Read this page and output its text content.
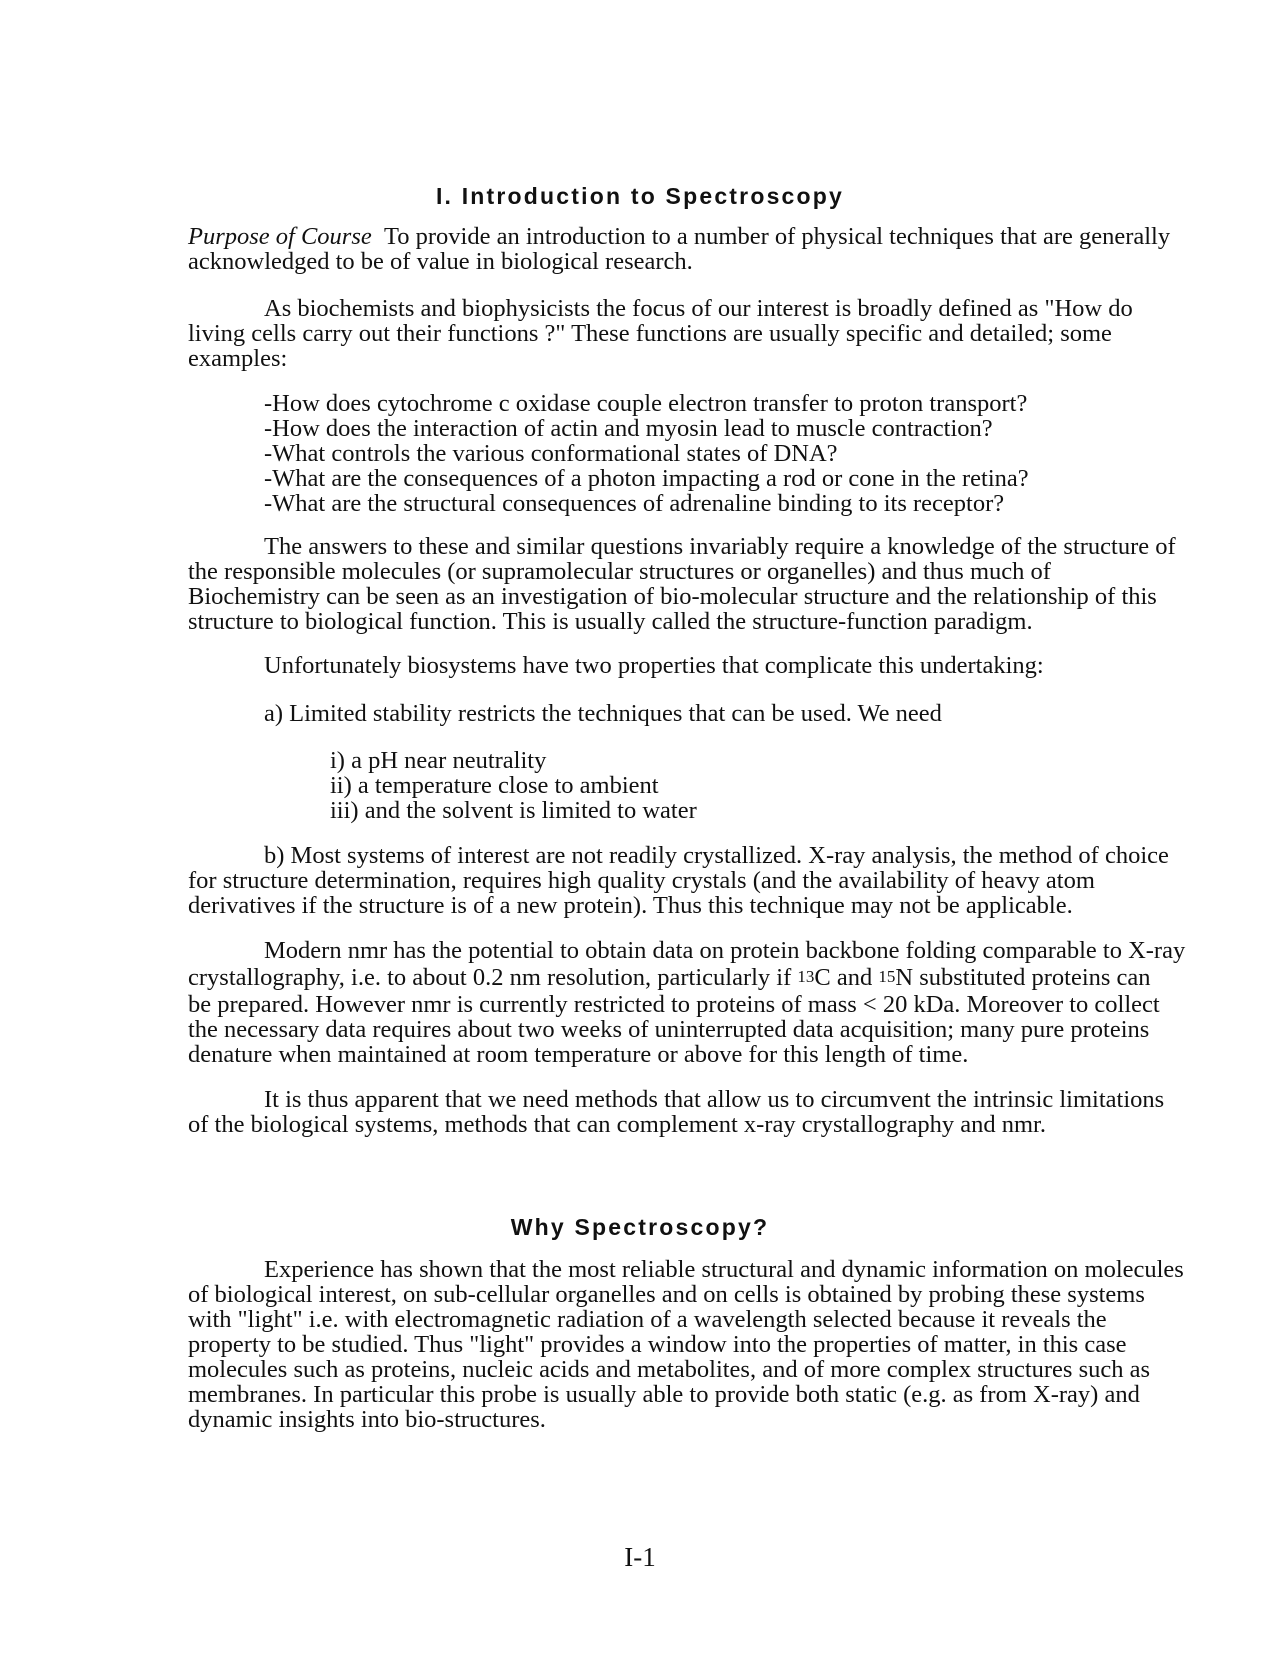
I. Introduction to Spectroscopy
Purpose of Course To provide an introduction to a number of physical techniques that are generally
acknowledged to be of value in biological research.
As biochemists and biophysicists the focus of our interest is broadly defined as "How do
living cells carry out their functions ?" These functions are usually specific and detailed; some
examples:
-How does cytochrome c oxidase couple electron transfer to proton transport?
-How does the interaction of actin and myosin lead to muscle contraction?
-What controls the various conformational states of DNA?
-What are the consequences of a photon impacting a rod or cone in the retina?
-What are the structural consequences of adrenaline binding to its receptor?
The answers to these and similar questions invariably require a knowledge of the structure of
the responsible molecules (or supramolecular structures or organelles) and thus much of
Biochemistry can be seen as an investigation of bio-molecular structure and the relationship of this
structure to biological function. This is usually called the structure-function paradigm.
Unfortunately biosystems have two properties that complicate this undertaking:
a) Limited stability restricts the techniques that can be used. We need
i) a pH near neutrality
ii) a temperature close to ambient
iii) and the solvent is limited to water
b) Most systems of interest are not readily crystallized. X-ray analysis, the method of choice
for structure determination, requires high quality crystals (and the availability of heavy atom
derivatives if the structure is of a new protein). Thus this technique may not be applicable.
Modern nmr has the potential to obtain data on protein backbone folding comparable to X-ray
crystallography, i.e. to about 0.2 nm resolution, particularly if $^{13}$C and $^{15}$N substituted proteins can
be prepared. However nmr is currently restricted to proteins of mass < 20 kDa. Moreover to collect
the necessary data requires about two weeks of uninterrupted data acquisition; many pure proteins
denature when maintained at room temperature or above for this length of time.
It is thus apparent that we need methods that allow us to circumvent the intrinsic limitations
of the biological systems, methods that can complement x-ray crystallography and nmr.
Why Spectroscopy?
Experience has shown that the most reliable structural and dynamic information on molecules
of biological interest, on sub-cellular organelles and on cells is obtained by probing these systems
with "light" i.e. with electromagnetic radiation of a wavelength selected because it reveals the
property to be studied. Thus "light" provides a window into the properties of matter, in this case
molecules such as proteins, nucleic acids and metabolites, and of more complex structures such as
membranes. In particular this probe is usually able to provide both static (e.g. as from X-ray) and
dynamic insights into bio-structures.
I-1
